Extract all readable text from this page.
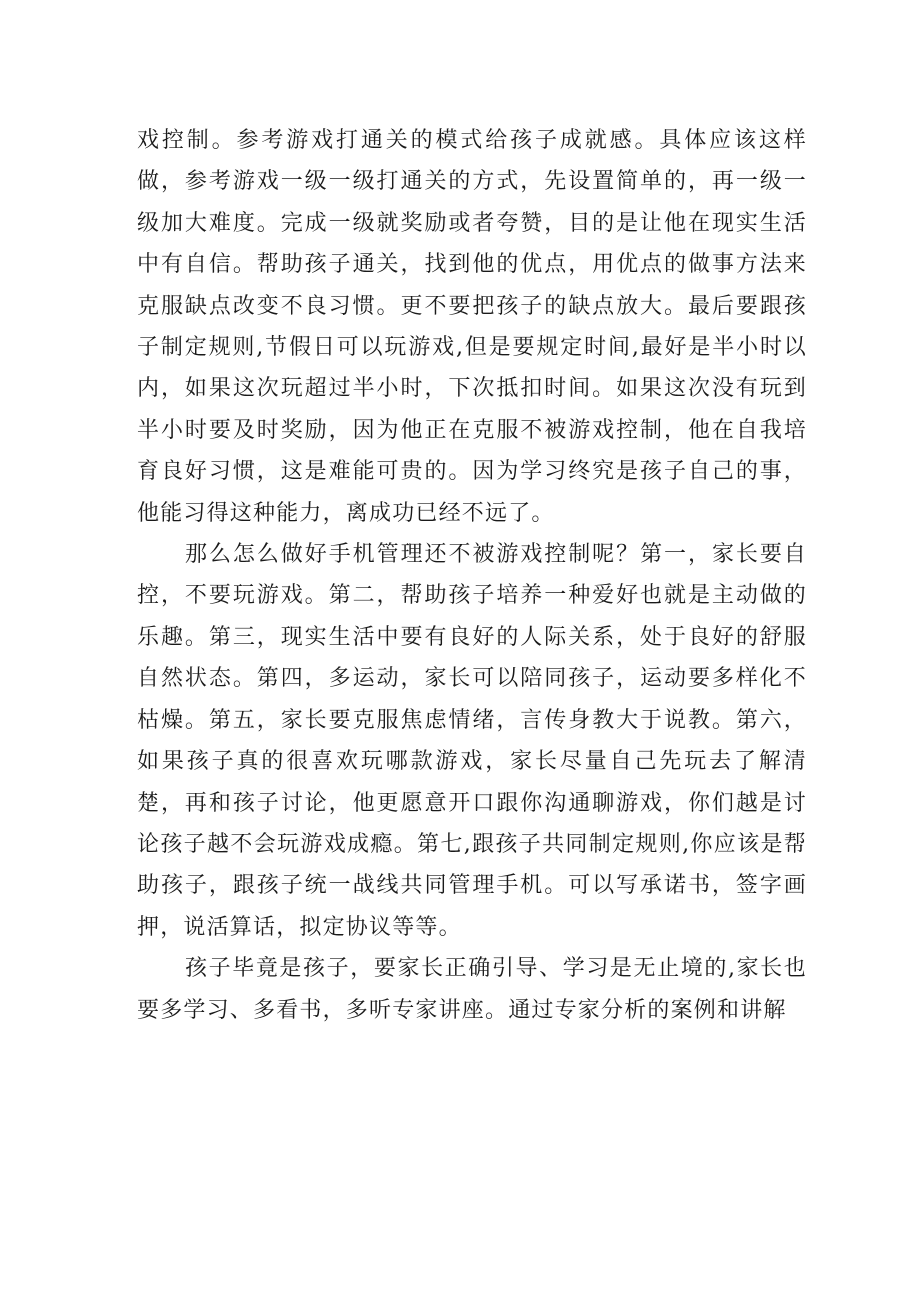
戏控制。参考游戏打通关的模式给孩子成就感。具体应该这样做，参考游戏一级一级打通关的方式，先设置简单的，再一级一级加大难度。完成一级就奖励或者夸赞，目的是让他在现实生活中有自信。帮助孩子通关，找到他的优点，用优点的做事方法来克服缺点改变不良习惯。更不要把孩子的缺点放大。最后要跟孩子制定规则,节假日可以玩游戏,但是要规定时间,最好是半小时以内，如果这次玩超过半小时，下次抵扣时间。如果这次没有玩到半小时要及时奖励，因为他正在克服不被游戏控制，他在自我培育良好习惯，这是难能可贵的。因为学习终究是孩子自己的事，他能习得这种能力，离成功已经不远了。

那么怎么做好手机管理还不被游戏控制呢？第一，家长要自控，不要玩游戏。第二，帮助孩子培养一种爱好也就是主动做的乐趣。第三，现实生活中要有良好的人际关系，处于良好的舒服自然状态。第四，多运动，家长可以陪同孩子，运动要多样化不枯燥。第五，家长要克服焦虑情绪，言传身教大于说教。第六，如果孩子真的很喜欢玩哪款游戏，家长尽量自己先玩去了解清楚，再和孩子讨论，他更愿意开口跟你沟通聊游戏，你们越是讨论孩子越不会玩游戏成瘾。第七,跟孩子共同制定规则,你应该是帮助孩子，跟孩子统一战线共同管理手机。可以写承诺书，签字画押，说活算话，拟定协议等等。

孩子毕竟是孩子，要家长正确引导、学习是无止境的,家长也要多学习、多看书，多听专家讲座。通过专家分析的案例和讲解
